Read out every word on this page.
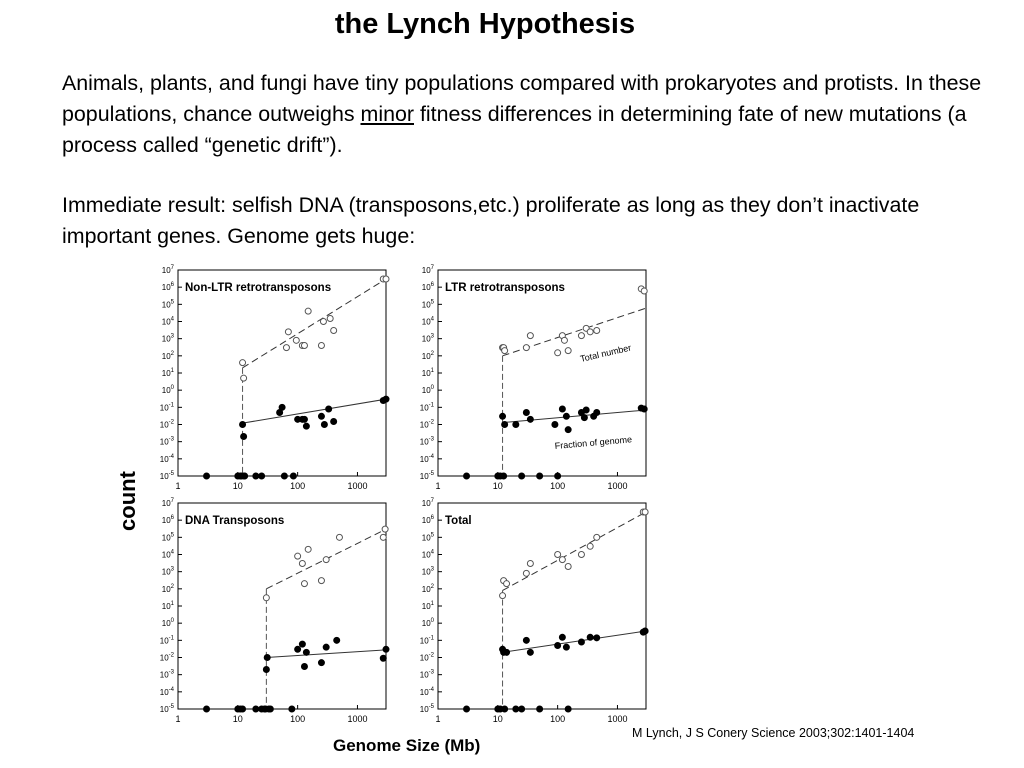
the Lynch Hypothesis

Animals, plants, and fungi have tiny populations compared with prokaryotes and protists. In these populations, chance outweighs minor fitness differences in determining fate of new mutations (a process called “genetic drift”).

Immediate result: selfish DNA (transposons,etc.) proliferate as long as they don’t inactivate important genes. Genome gets huge:

1	10	100	1000
$10^{-5}$
$10^{-4}$
$10^{-3}$
$10^{-2}$
$10^{-1}$
$10^0$
$10^1$
$10^2$
$10^3$
$10^4$
$10^5$
$10^6$
$10^7$
Non-LTR retrotransposons
1	10	100	1000
$10^{-5}$
$10^{-4}$
$10^{-3}$
$10^{-2}$
$10^{-1}$
$10^0$
$10^1$
$10^2$
$10^3$
$10^4$
$10^5$
$10^6$
$10^7$
LTR retrotransposons
Total number
Fraction of genome
1	10	100	1000
$10^{-5}$
$10^{-4}$
$10^{-3}$
$10^{-2}$
$10^{-1}$
$10^0$
$10^1$
$10^2$
$10^3$
$10^4$
$10^5$
$10^6$
$10^7$
DNA Transposons
1	10	100	1000
$10^{-5}$
$10^{-4}$
$10^{-3}$
$10^{-2}$
$10^{-1}$
$10^0$
$10^1$
$10^2$
$10^3$
$10^4$
$10^5$
$10^6$
$10^7$
Total
count
Genome Size (Mb)
M Lynch, J S Conery Science 2003;302:1401-1404
